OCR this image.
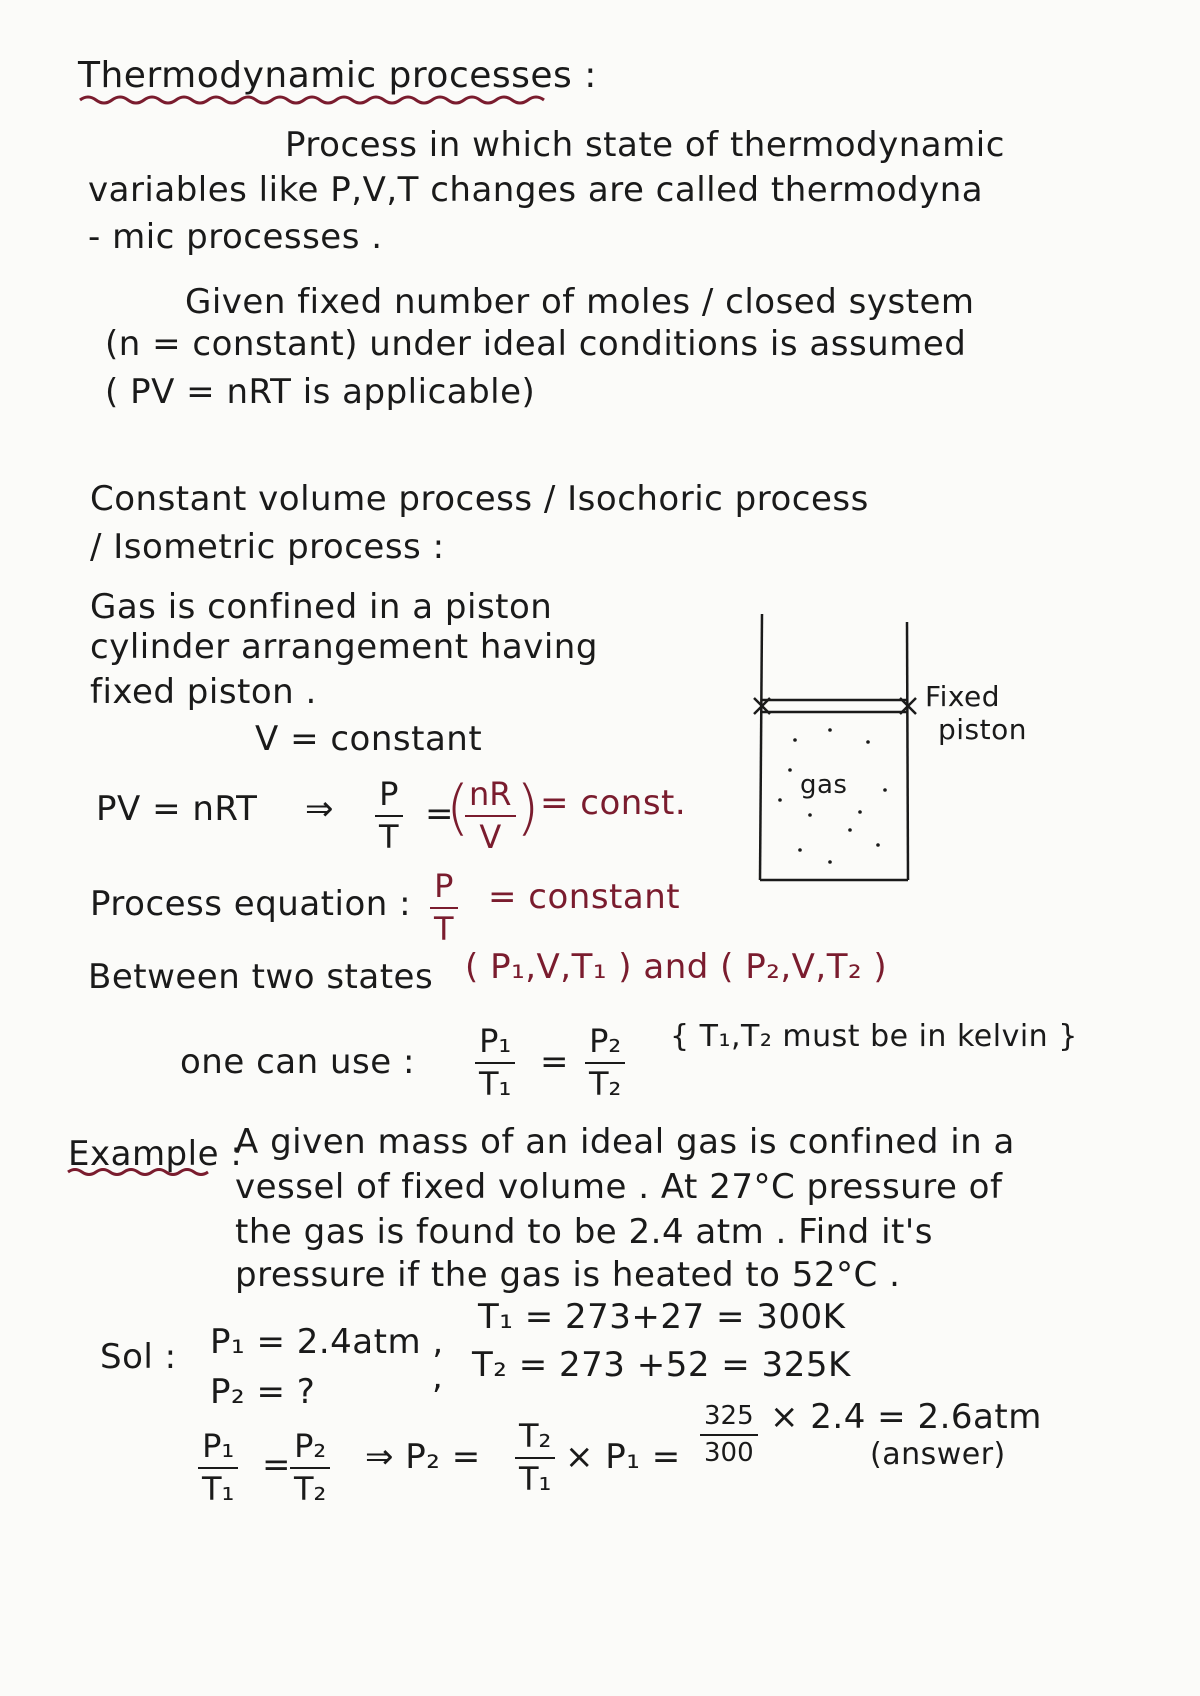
Thermodynamic processes :
Process in which state of thermodynamic
variables like P,V,T changes are called thermodyna
- mic processes .
Given fixed number of moles / closed system
(n = constant) under ideal conditions is assumed
( PV = nRT is applicable)
Constant volume process / Isochoric process
/ Isometric process :
Gas is confined in a piston
cylinder arrangement having
fixed piston .
V = constant
PV = nRT ⇒ P
T
=
( nR
V ) = const.
Process equation : P
T
= constant
Between two states ( P₁,V,T₁ ) and ( P₂,V,T₂ )
one can use :
P₁
T₁
=
P₂
T₂
{ T₁,T₂ must be in kelvin }
gas
Fixed
piston
Example :
A given mass of an ideal gas is confined in a
vessel of fixed volume . At 27°C pressure of
the gas is found to be 2.4 atm . Find it's
pressure if the gas is heated to 52°C .
Sol : P₁ = 2.4atm ,
T₁ = 273+27 = 300K
P₂ = ?	, T₂ = 273 +52 = 325K
P₁
T₁
= P₂
T₂
⇒ P₂ =
T₂
T₁
× P₁ =
325
300
× 2.4 = 2.6atm
(answer)
